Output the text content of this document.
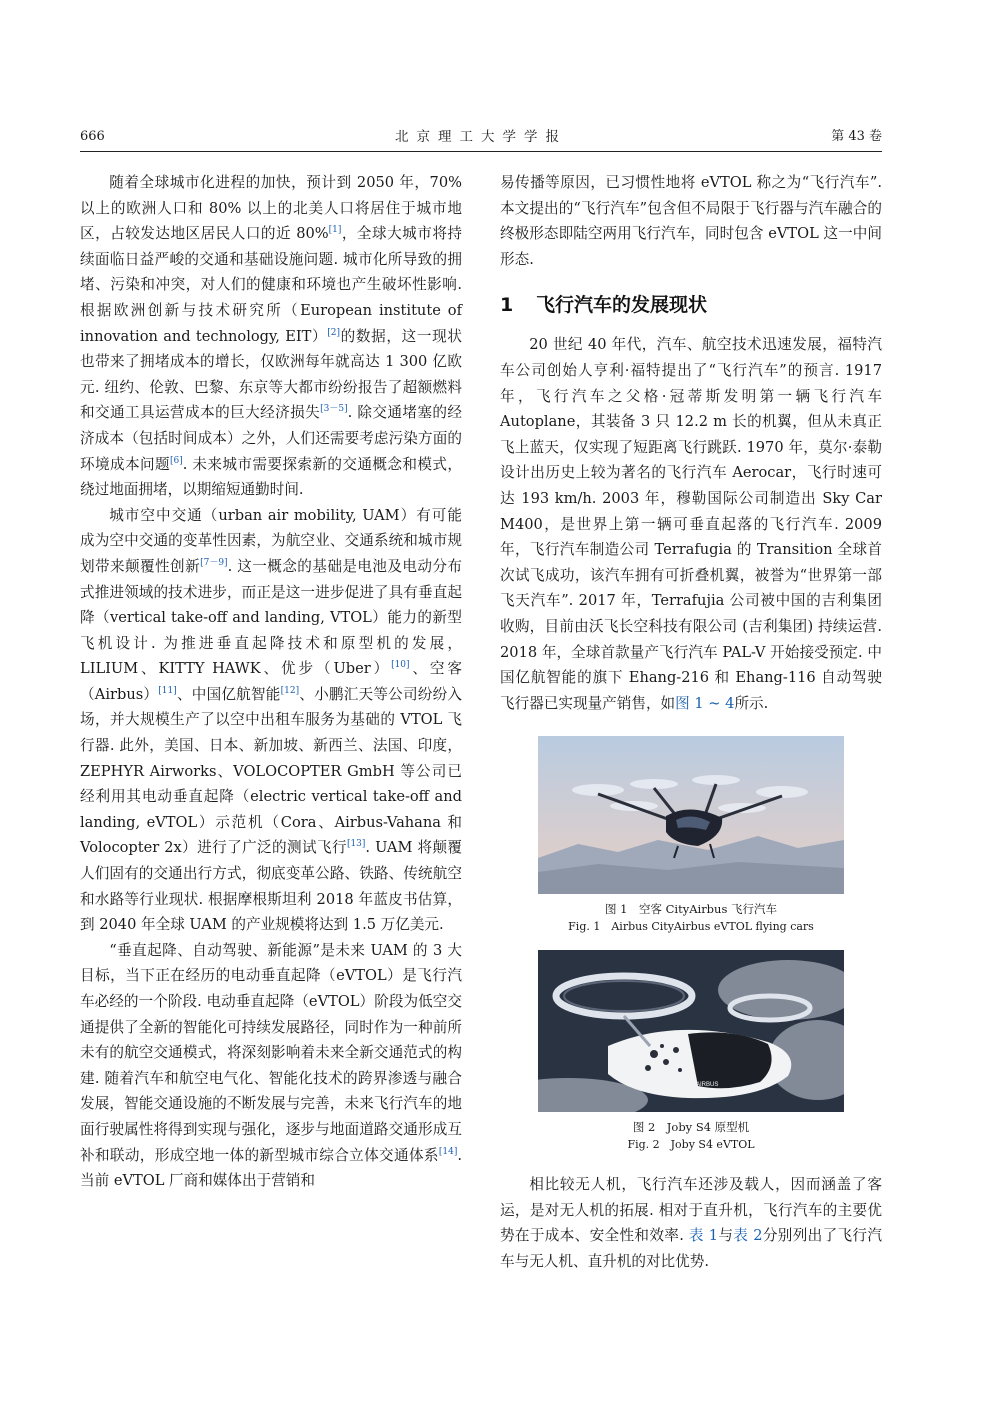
666	北京理工大学学报	第 43 卷

随着全球城市化进程的加快，预计到 2050 年，70% 以上的欧洲人口和 80% 以上的北美人口将居住于城市地区，占较发达地区居民人口的近 80%[1]，全球大城市将持续面临日益严峻的交通和基础设施问题. 城市化所导致的拥堵、污染和冲突，对人们的健康和环境也产生破坏性影响. 根据欧洲创新与技术研究所（European institute of innovation and technology, EIT）[2]的数据，这一现状也带来了拥堵成本的增长，仅欧洲每年就高达 1 300 亿欧元. 纽约、伦敦、巴黎、东京等大都市纷纷报告了超额燃料和交通工具运营成本的巨大经济损失[3－5]. 除交通堵塞的经济成本（包括时间成本）之外，人们还需要考虑污染方面的环境成本问题[6]. 未来城市需要探索新的交通概念和模式，绕过地面拥堵，以期缩短通勤时间.

城市空中交通（urban air mobility, UAM）有可能成为空中交通的变革性因素，为航空业、交通系统和城市规划带来颠覆性创新[7－9]. 这一概念的基础是电池及电动分布式推进领域的技术进步，而正是这一进步促进了具有垂直起降（vertical take-off and landing, VTOL）能力的新型飞机设计. 为推进垂直起降技术和原型机的发展，LILIUM、KITTY HAWK、优步（Uber）[10]、空客（Airbus）[11]、中国亿航智能[12]、小鹏汇天等公司纷纷入场，并大规模生产了以空中出租车服务为基础的 VTOL 飞行器. 此外，美国、日本、新加坡、新西兰、法国、印度，ZEPHYR Airworks、VOLOCOPTER GmbH 等公司已经利用其电动垂直起降（electric vertical take-off and landing, eVTOL）示范机（Cora、Airbus-Vahana 和 Volocopter 2x）进行了广泛的测试飞行[13]. UAM 将颠覆人们固有的交通出行方式，彻底变革公路、铁路、传统航空和水路等行业现状. 根据摩根斯坦利 2018 年蓝皮书估算，到 2040 年全球 UAM 的产业规模将达到 1.5 万亿美元.

“垂直起降、自动驾驶、新能源”是未来 UAM 的 3 大目标，当下正在经历的电动垂直起降（eVTOL）是飞行汽车必经的一个阶段. 电动垂直起降（eVTOL）阶段为低空交通提供了全新的智能化可持续发展路径，同时作为一种前所未有的航空交通模式，将深刻影响着未来全新交通范式的构建. 随着汽车和航空电气化、智能化技术的跨界渗透与融合发展，智能交通设施的不断发展与完善，未来飞行汽车的地面行驶属性将得到实现与强化，逐步与地面道路交通形成互补和联动，形成空地一体的新型城市综合立体交通体系[14]. 当前 eVTOL 厂商和媒体出于营销和

易传播等原因，已习惯性地将 eVTOL 称之为“飞行汽车”. 本文提出的“飞行汽车”包含但不局限于飞行器与汽车融合的终极形态即陆空两用飞行汽车，同时包含 eVTOL 这一中间形态.

1 飞行汽车的发展现状

20 世纪 40 年代，汽车、航空技术迅速发展，福特汽车公司创始人亨利·福特提出了“飞行汽车”的预言. 1917 年，飞行汽车之父格·冠蒂斯发明第一辆飞行汽车 Autoplane，其装备 3 只 12.2 m 长的机翼，但从未真正飞上蓝天，仅实现了短距离飞行跳跃. 1970 年，莫尔·泰勒设计出历史上较为著名的飞行汽车 Aerocar，飞行时速可达 193 km/h. 2003 年，穆勒国际公司制造出 Sky Car M400，是世界上第一辆可垂直起落的飞行汽车. 2009 年，飞行汽车制造公司 Terrafugia 的 Transition 全球首次试飞成功，该汽车拥有可折叠机翼，被誉为“世界第一部飞天汽车”. 2017 年，Terrafujia 公司被中国的吉利集团收购，目前由沃飞长空科技有限公司 (吉利集团) 持续运营. 2018 年，全球首款量产飞行汽车 PAL-V 开始接受预定. 中国亿航智能的旗下 Ehang-216 和 Ehang-116 自动驾驶飞行器已实现量产销售，如图 1 ~ 4所示.

图 1　空客 CityAirbus 飞行汽车
Fig. 1　Airbus CityAirbus eVTOL flying cars
AIRBUS
图 2　Joby S4 原型机
Fig. 2　Joby S4 eVTOL

相比较无人机，飞行汽车还涉及载人，因而涵盖了客运，是对无人机的拓展. 相对于直升机，飞行汽车的主要优势在于成本、安全性和效率. 表 1与表 2分别列出了飞行汽车与无人机、直升机的对比优势.
